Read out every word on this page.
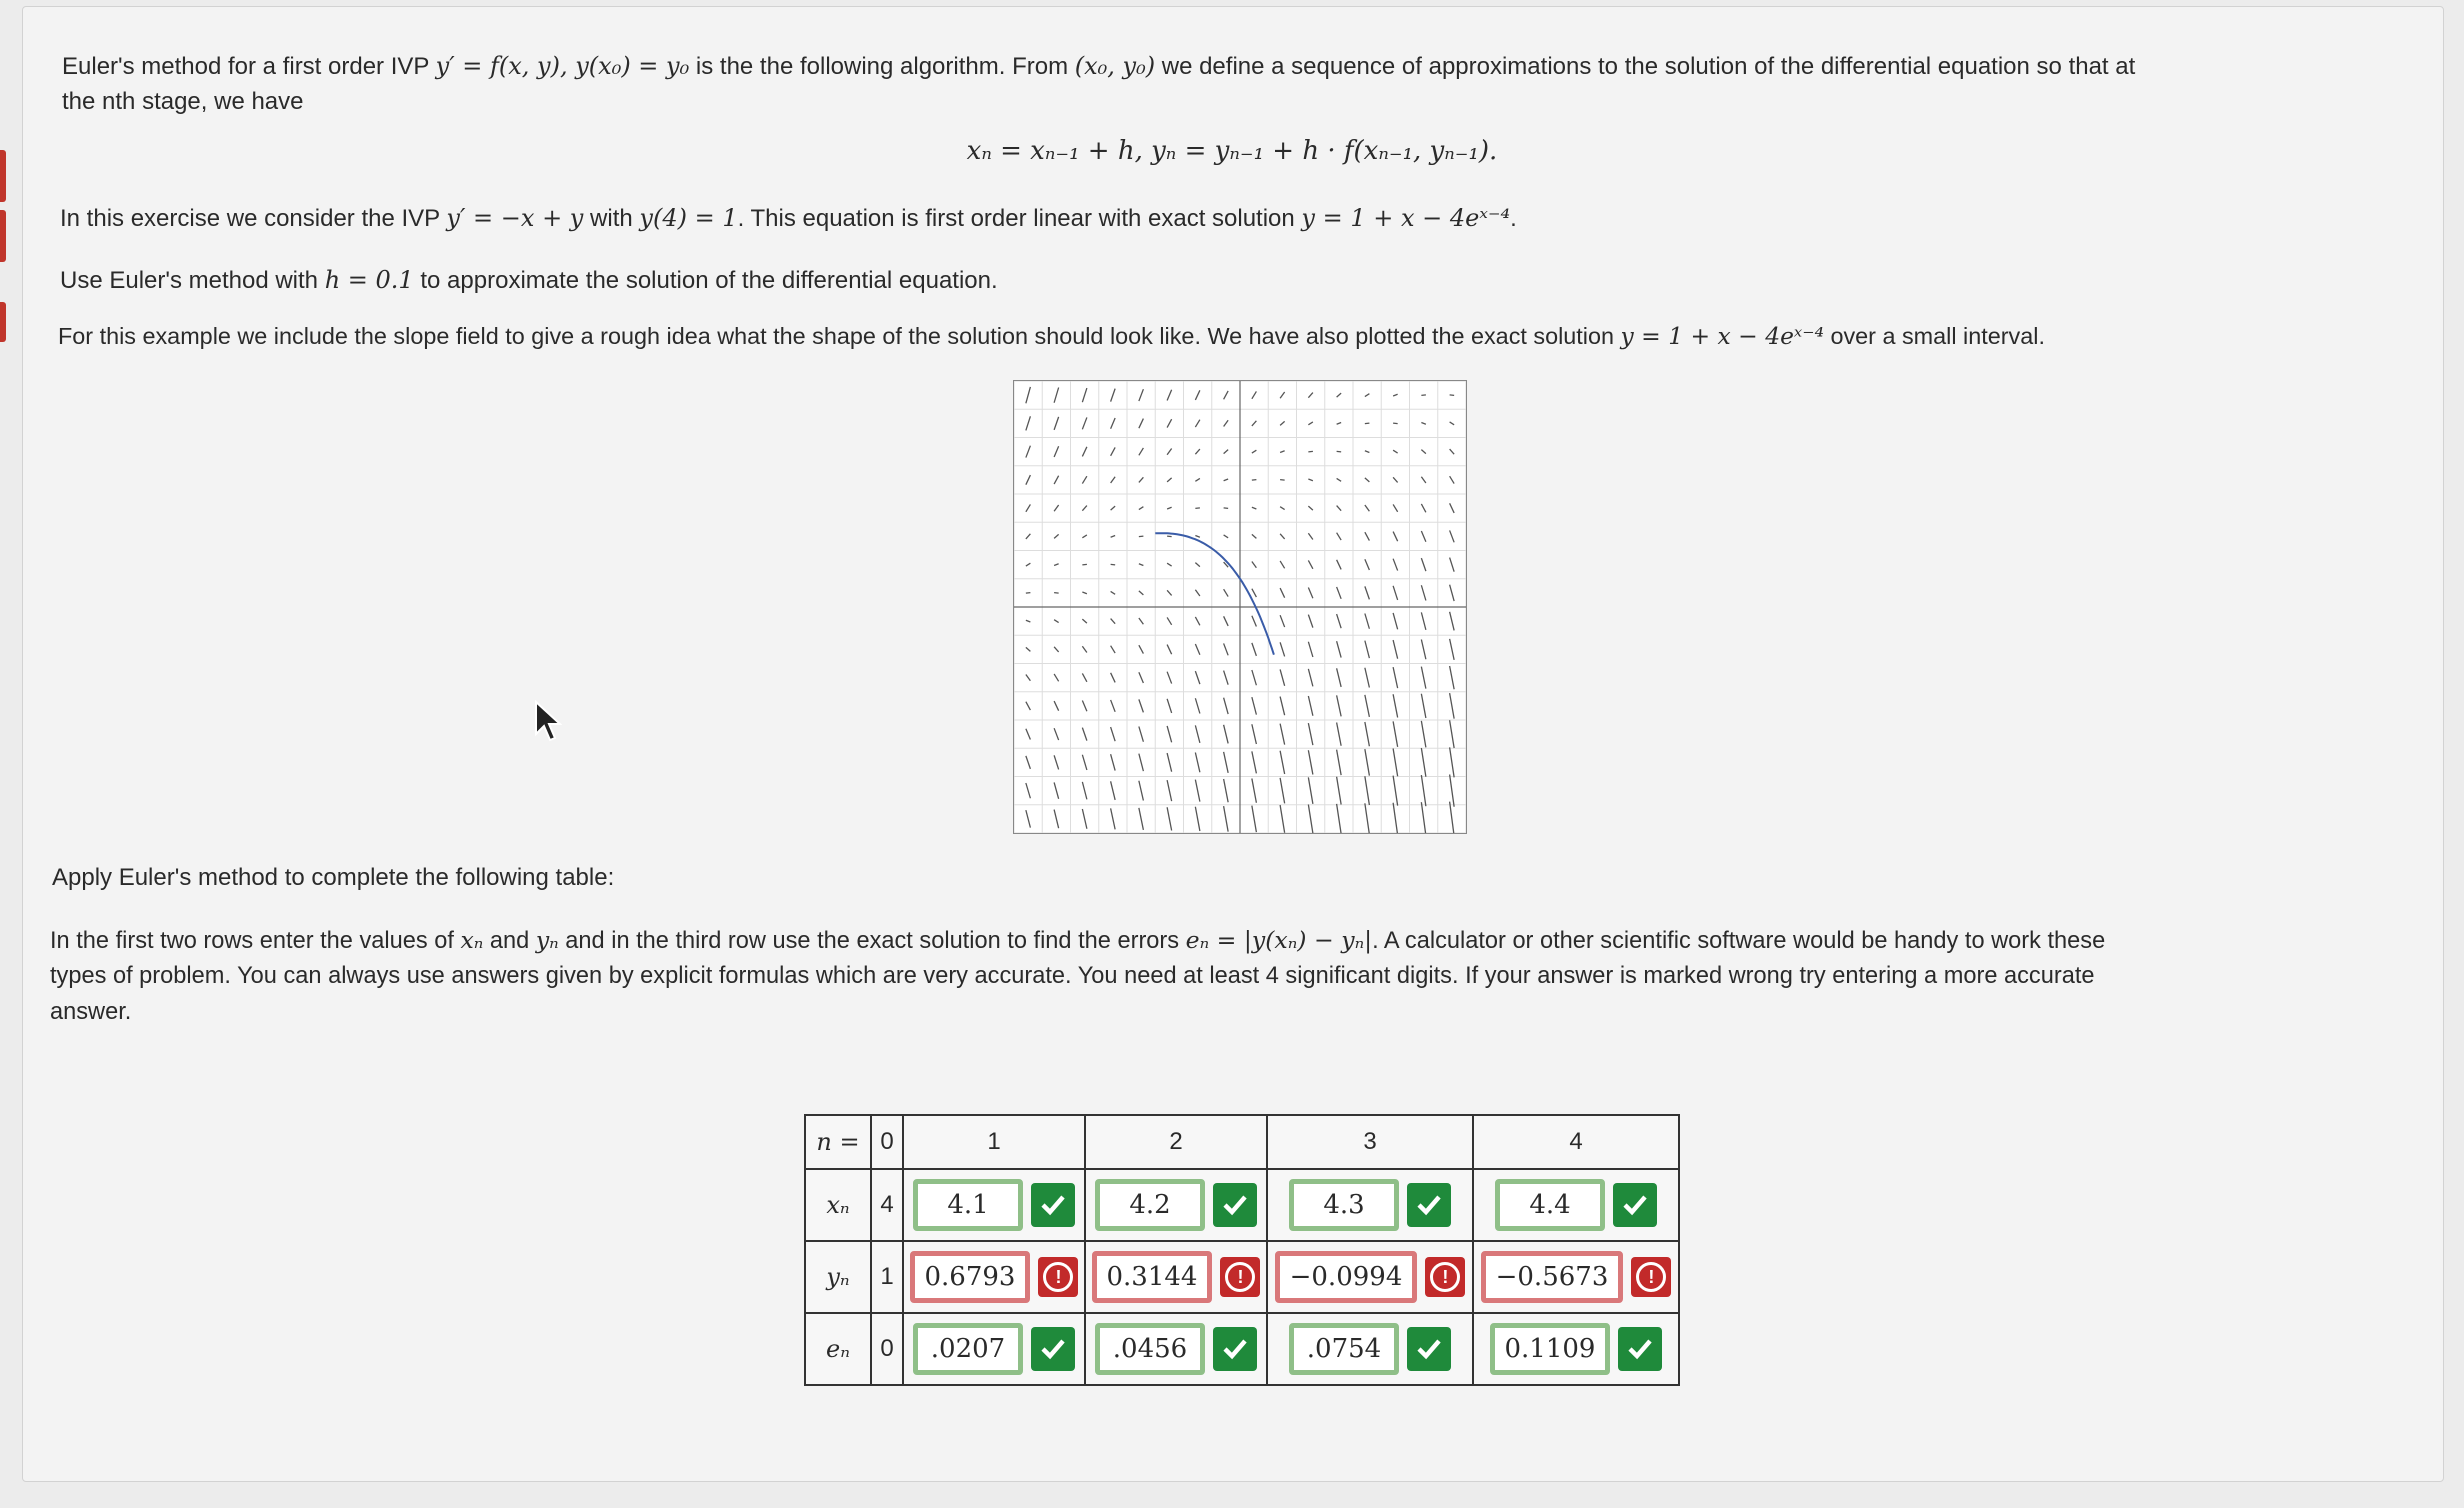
Euler's method for a first order IVP y′ = f(x, y), y(x₀) = y₀ is the the following algorithm. From (x₀, y₀) we define a sequence of approximations to the solution of the differential equation so that at
the nth stage, we have
xₙ = xₙ₋₁ + h, yₙ = yₙ₋₁ + h · f(xₙ₋₁, yₙ₋₁).
In this exercise we consider the IVP y′ = −x + y with y(4) = 1. This equation is first order linear with exact solution y = 1 + x − 4eˣ⁻⁴.
Use Euler's method with h = 0.1 to approximate the solution of the differential equation.
For this example we include the slope field to give a rough idea what the shape of the solution should look like. We have also plotted the exact solution y = 1 + x − 4eˣ⁻⁴ over a small interval.
Apply Euler's method to complete the following table:
In the first two rows enter the values of xₙ and yₙ and in the third row use the exact solution to find the errors eₙ = |y(xₙ) − yₙ|. A calculator or other scientific software would be handy to work these
types of problem. You can always use answers given by explicit formulas which are very accurate. You need at least 4 significant digits. If your answer is marked wrong try entering a more accurate
answer.
n =	0	1	2	3	4
xₙ	4	4.1	4.2	4.3	4.4

yₙ	1	0.6793 !	0.3144 !	−0.0994 !	−0.5673 !

eₙ	0	.0207	.0456	.0754	0.1109
